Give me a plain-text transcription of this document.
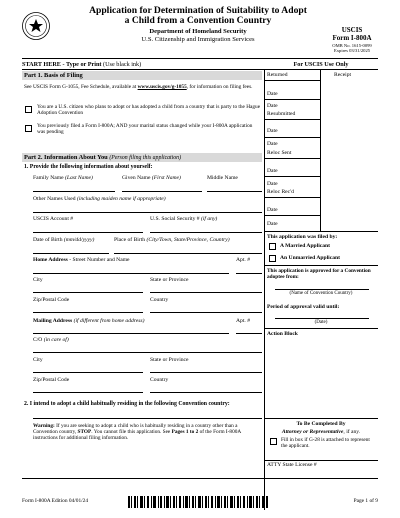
Application for Determination of Suitability to Adopt
a Child from a Convention Country
Department of Homeland Security
U.S. Citizenship and Immigration Services
USCIS
Form I-800A
OMB No. 1615-0099
Expires 03/31/2025
START HERE - Type or Print (Use black ink)	For USCIS Use Only
Part 1. Basis of Filing
See USCIS Form G-1055, Fee Schedule, available at www.uscis.gov/g-1055, for information on filing fees.
You are a U.S. citizen who plans to adopt or has adopted a child from a country that is party to the Hague Adoption Convention
You previously filed a Form I-800A; AND your marital status changed while your I-800A application was pending
Part 2. Information About You (Person filing this application)
1. Provide the following information about yourself:
Family Name (Last Name)	Given Name (First Name)	Middle Name
Other Names Used (including maiden name if appropriate)
USCIS Account #	U.S. Social Security # (if any)
Date of Birth (mm/dd/yyyy)	Place of Birth (City/Town, State/Province, Country)
Home Address - Street Number and Name	Apt. #
City	State or Province
Zip/Postal Code	Country
Mailing Address (if different from home address)	Apt. #
C/O (in care of)
City	State or Province
Zip/Postal Code	Country
2. I intend to adopt a child habitually residing in the following Convention country:
Warning: If you are seeking to adopt a child who is habitually residing in a country other than a Convention country, STOP. You cannot file this application. See Pages 1 to 2 of the Form I-800A instructions for additional filing information.
Returned	Receipt
Date
Date
Resubmitted
Date
Date
Reloc Sent
Date
Date
Reloc Rec'd
Date
Date
This application was filed by:
A Married Applicant
An Unmarried Applicant
This application is approved for a Convention adoptee from:
(Name of Convention Country)
Period of approval valid until:
(Date)
Action Block
To Be Completed By
Attorney or Representative, if any.
Fill in box if G-28 is attached to represent the applicant.
ATTY State License #
Form I-800A Edition 04/01/24	Page 1 of 9
